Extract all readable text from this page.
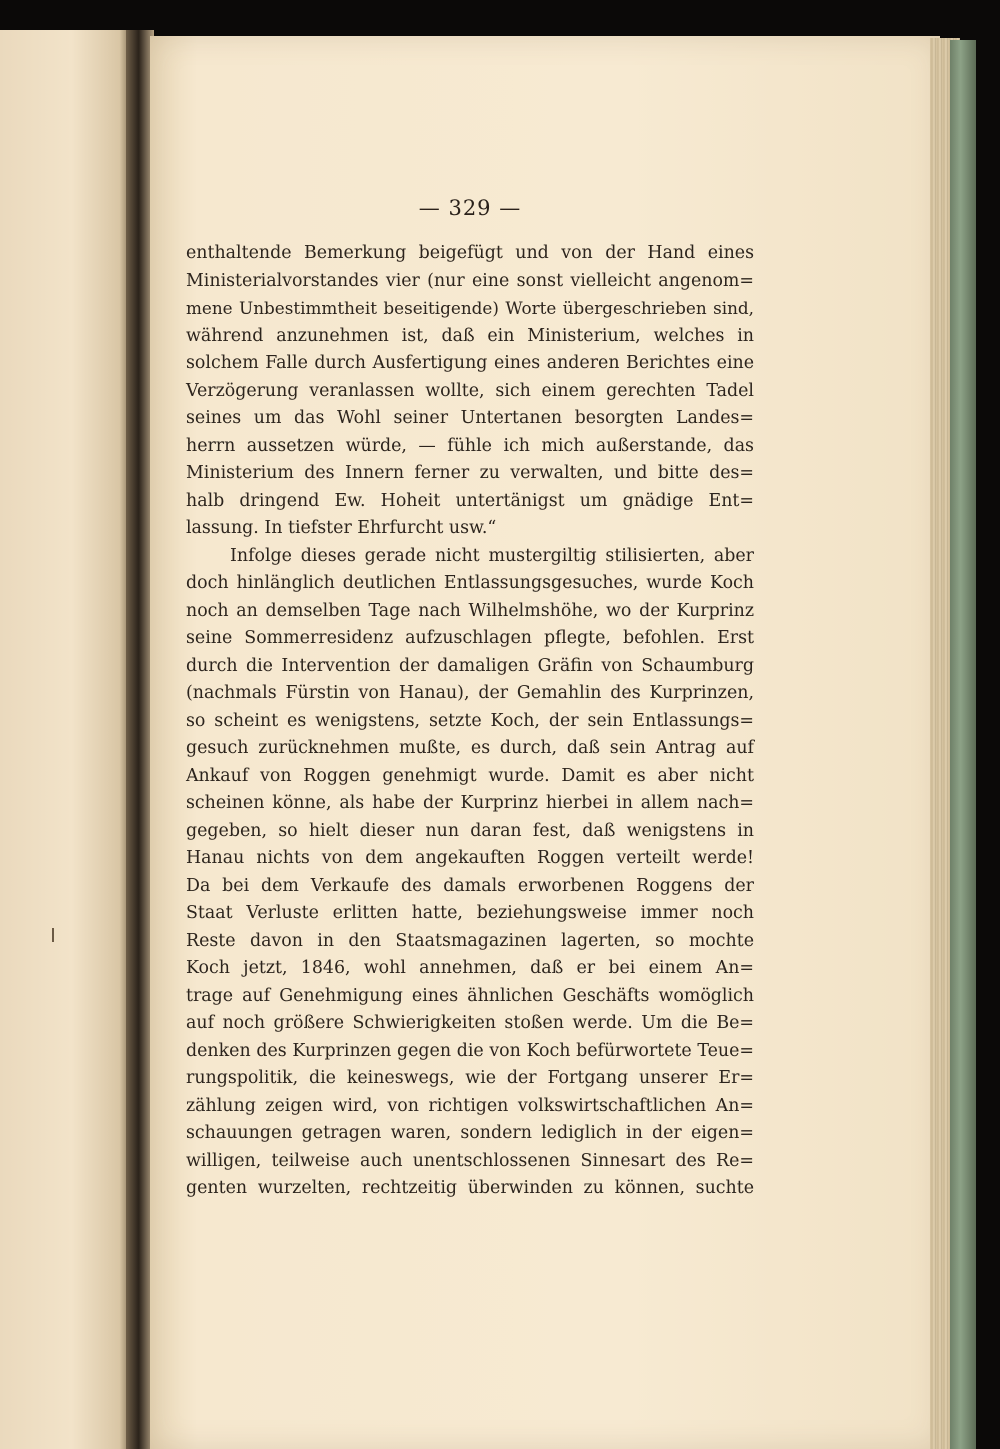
— 329 —
enthaltende Bemerkung beigefügt und von der Hand eines
Ministerialvorstandes vier (nur eine sonst vielleicht angenom=
mene Unbestimmtheit beseitigende) Worte übergeschrieben sind,
während anzunehmen ist, daß ein Ministerium, welches in
solchem Falle durch Ausfertigung eines anderen Berichtes eine
Verzögerung veranlassen wollte, sich einem gerechten Tadel
seines um das Wohl seiner Untertanen besorgten Landes=
herrn aussetzen würde, — fühle ich mich außerstande, das
Ministerium des Innern ferner zu verwalten, und bitte des=
halb dringend Ew. Hoheit untertänigst um gnädige Ent=
lassung. In tiefster Ehrfurcht usw.“
Infolge dieses gerade nicht mustergiltig stilisierten, aber
doch hinlänglich deutlichen Entlassungsgesuches, wurde Koch
noch an demselben Tage nach Wilhelmshöhe, wo der Kurprinz
seine Sommerresidenz aufzuschlagen pflegte, befohlen. Erst
durch die Intervention der damaligen Gräfin von Schaumburg
(nachmals Fürstin von Hanau), der Gemahlin des Kurprinzen,
so scheint es wenigstens, setzte Koch, der sein Entlassungs=
gesuch zurücknehmen mußte, es durch, daß sein Antrag auf
Ankauf von Roggen genehmigt wurde. Damit es aber nicht
scheinen könne, als habe der Kurprinz hierbei in allem nach=
gegeben, so hielt dieser nun daran fest, daß wenigstens in
Hanau nichts von dem angekauften Roggen verteilt werde!
Da bei dem Verkaufe des damals erworbenen Roggens der
Staat Verluste erlitten hatte, beziehungsweise immer noch
Reste davon in den Staatsmagazinen lagerten, so mochte
Koch jetzt, 1846, wohl annehmen, daß er bei einem An=
trage auf Genehmigung eines ähnlichen Geschäfts womöglich
auf noch größere Schwierigkeiten stoßen werde. Um die Be=
denken des Kurprinzen gegen die von Koch befürwortete Teue=
rungspolitik, die keineswegs, wie der Fortgang unserer Er=
zählung zeigen wird, von richtigen volkswirtschaftlichen An=
schauungen getragen waren, sondern lediglich in der eigen=
willigen, teilweise auch unentschlossenen Sinnesart des Re=
genten wurzelten, rechtzeitig überwinden zu können, suchte
